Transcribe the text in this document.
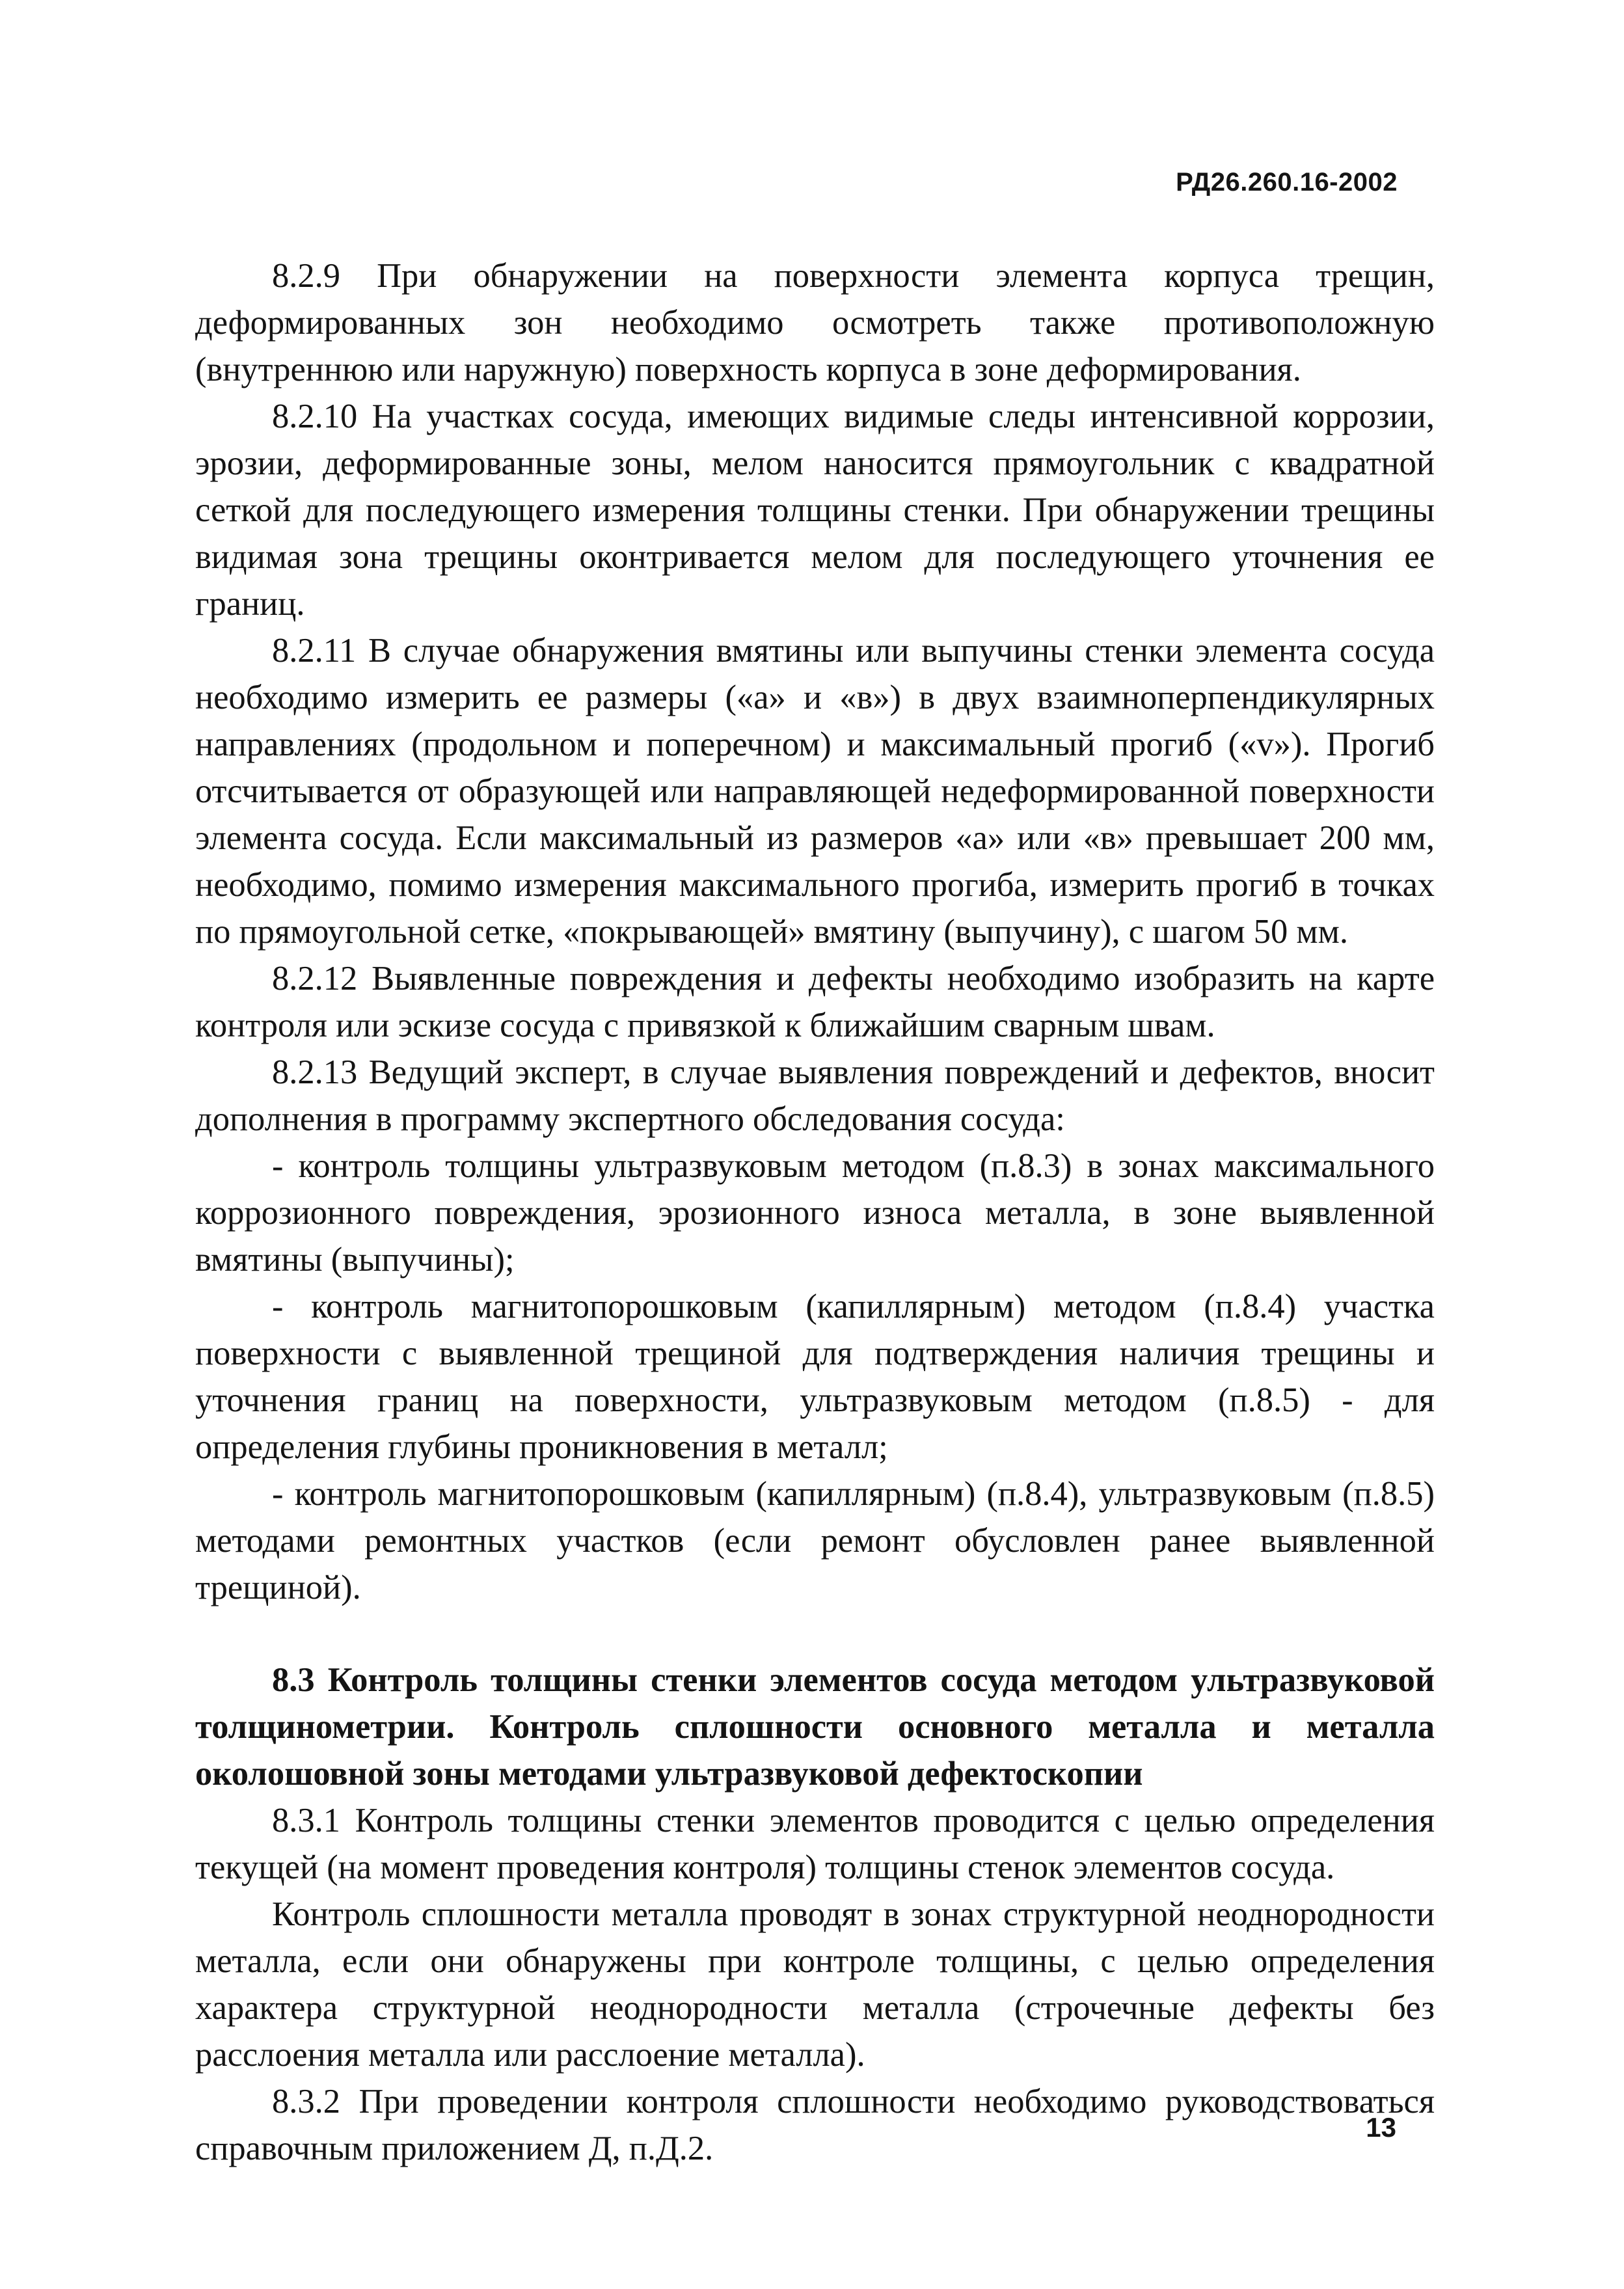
РД26.260.16-2002

8.2.9 При обнаружении на поверхности элемента корпуса трещин, деформированных зон необходимо осмотреть также противоположную (внутреннюю или наружную) поверхность корпуса в зоне деформирования.

8.2.10 На участках сосуда, имеющих видимые следы интенсивной коррозии, эрозии, деформированные зоны, мелом наносится прямоугольник с квадратной сеткой для последующего измерения толщины стенки. При обнаружении трещины видимая зона трещины оконтривается мелом для последующего уточнения ее границ.

8.2.11 В случае обнаружения вмятины или выпучины стенки элемента сосуда необходимо измерить ее размеры («а» и «в») в двух взаимноперпендикулярных направлениях (продольном и поперечном) и максимальный прогиб («v»). Прогиб отсчитывается от образующей или направляющей недеформированной поверхности элемента сосуда. Если максимальный из размеров «а» или «в» превышает 200 мм, необходимо, помимо измерения максимального прогиба, измерить прогиб в точках по прямоугольной сетке, «покрывающей» вмятину (выпучину), с шагом 50 мм.

8.2.12 Выявленные повреждения и дефекты необходимо изобразить на карте контроля или эскизе сосуда с привязкой к ближайшим сварным швам.

8.2.13 Ведущий эксперт, в случае выявления повреждений и дефектов, вносит дополнения в программу экспертного обследования сосуда:

- контроль толщины ультразвуковым методом (п.8.3) в зонах максимального коррозионного повреждения, эрозионного износа металла, в зоне выявленной вмятины (выпучины);

- контроль магнитопорошковым (капиллярным) методом (п.8.4) участка поверхности с выявленной трещиной для подтверждения наличия трещины и уточнения границ на поверхности, ультразвуковым методом (п.8.5) - для определения глубины проникновения в металл;

- контроль магнитопорошковым (капиллярным) (п.8.4), ультразвуковым (п.8.5) методами ремонтных участков (если ремонт обусловлен ранее выявленной трещиной).

8.3 Контроль толщины стенки элементов сосуда методом ультразвуковой толщинометрии. Контроль сплошности основного металла и металла околошовной зоны методами ультразвуковой дефектоскопии

8.3.1 Контроль толщины стенки элементов проводится с целью определения текущей (на момент проведения контроля) толщины стенок элементов сосуда.

Контроль сплошности металла проводят в зонах структурной неоднородности металла, если они обнаружены при контроле толщины, с целью определения характера структурной неоднородности металла (строчечные дефекты без расслоения металла или расслоение металла).

8.3.2 При проведении контроля сплошности необходимо руководствоваться справочным приложением Д, п.Д.2.

13
